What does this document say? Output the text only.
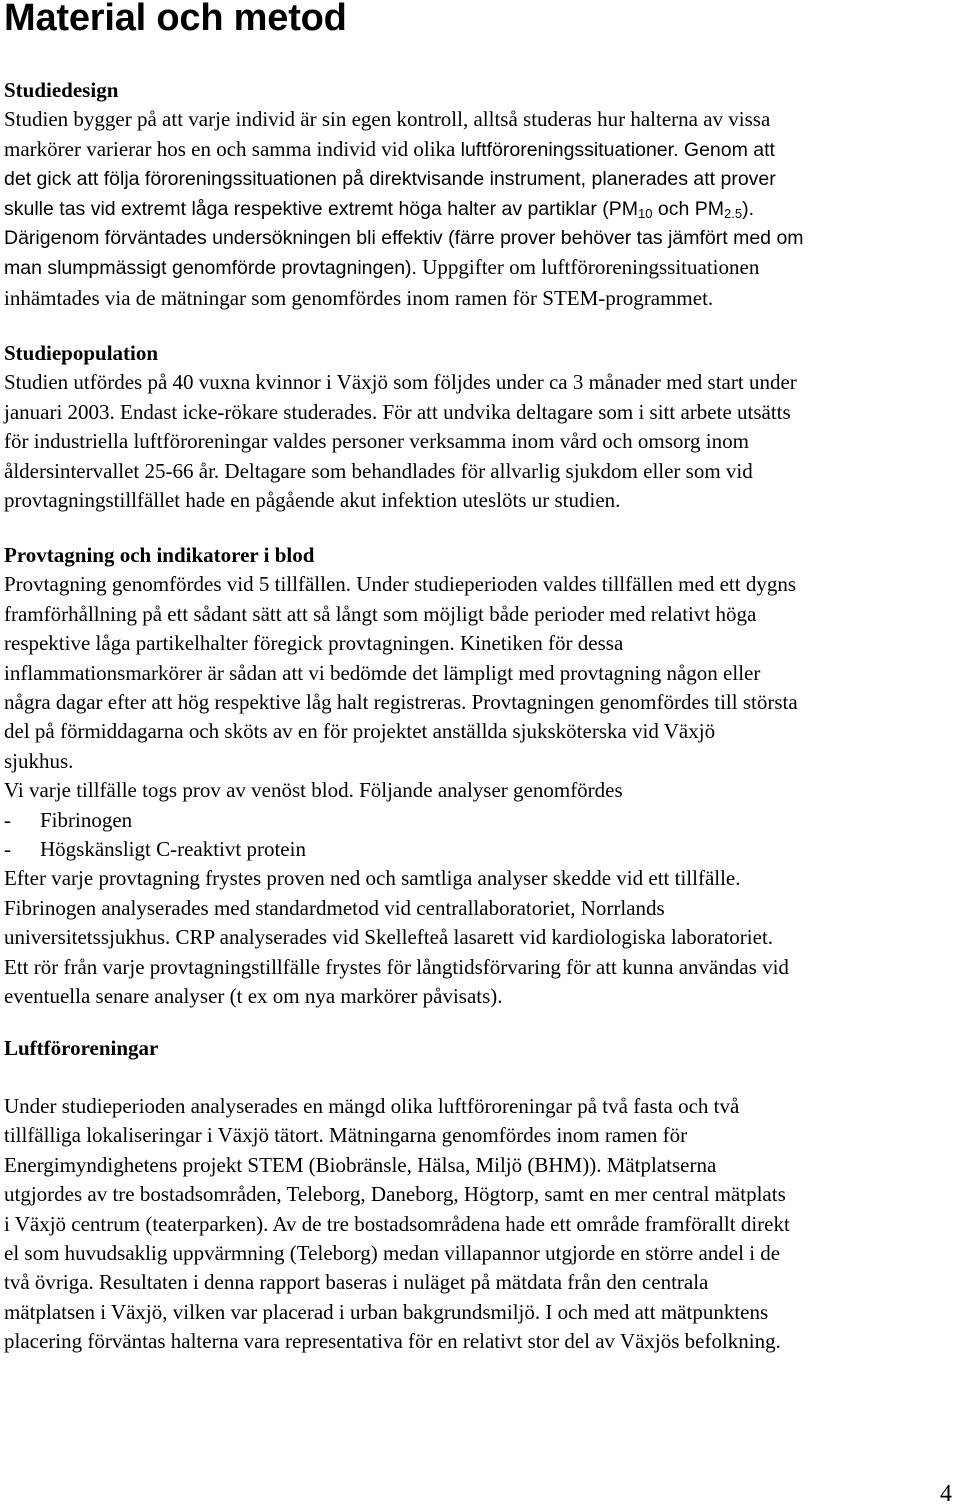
Material och metod
Studiedesign

Studien bygger på att varje individ är sin egen kontroll, alltså studeras hur halterna av vissa
markörer varierar hos en och samma individ vid olika luftföroreningssituationer. Genom att
det gick att följa föroreningssituationen på direktvisande instrument, planerades att prover
skulle tas vid extremt låga respektive extremt höga halter av partiklar ($PM_{10}$ och $PM_{2.5}$).
Därigenom förväntades undersökningen bli effektiv (färre prover behöver tas jämfört med om
man slumpmässigt genomförde provtagningen). Uppgifter om luftföroreningssituationen
inhämtades via de mätningar som genomfördes inom ramen för STEM-programmet.

Studiepopulation

Studien utfördes på 40 vuxna kvinnor i Växjö som följdes under ca 3 månader med start under
januari 2003. Endast icke-rökare studerades. För att undvika deltagare som i sitt arbete utsätts
för industriella luftföroreningar valdes personer verksamma inom vård och omsorg inom
åldersintervallet 25-66 år. Deltagare som behandlades för allvarlig sjukdom eller som vid
provtagningstillfället hade en pågående akut infektion uteslöts ur studien.

Provtagning och indikatorer i blod

Provtagning genomfördes vid 5 tillfällen. Under studieperioden valdes tillfällen med ett dygns
framförhållning på ett sådant sätt att så långt som möjligt både perioder med relativt höga
respektive låga partikelhalter föregick provtagningen. Kinetiken för dessa
inflammationsmarkörer är sådan att vi bedömde det lämpligt med provtagning någon eller
några dagar efter att hög respektive låg halt registreras. Provtagningen genomfördes till största
del på förmiddagarna och sköts av en för projektet anställda sjuksköterska vid Växjö
sjukhus.
Vi varje tillfälle togs prov av venöst blod. Följande analyser genomfördes
- Fibrinogen
- Högskänsligt C-reaktivt protein
Efter varje provtagning frystes proven ned och samtliga analyser skedde vid ett tillfälle.
Fibrinogen analyserades med standardmetod vid centrallaboratoriet, Norrlands
universitetssjukhus. CRP analyserades vid Skellefteå lasarett vid kardiologiska laboratoriet.
Ett rör från varje provtagningstillfälle frystes för långtidsförvaring för att kunna användas vid
eventuella senare analyser (t ex om nya markörer påvisats).

Luftföroreningar

Under studieperioden analyserades en mängd olika luftföroreningar på två fasta och två
tillfälliga lokaliseringar i Växjö tätort. Mätningarna genomfördes inom ramen för
Energimyndighetens projekt STEM (Biobränsle, Hälsa, Miljö (BHM)). Mätplatserna
utgjordes av tre bostadsområden, Teleborg, Daneborg, Högtorp, samt en mer central mätplats
i Växjö centrum (teaterparken). Av de tre bostadsområdena hade ett område framförallt direkt
el som huvudsaklig uppvärmning (Teleborg) medan villapannor utgjorde en större andel i de
två övriga. Resultaten i denna rapport baseras i nuläget på mätdata från den centrala
mätplatsen i Växjö, vilken var placerad i urban bakgrundsmiljö. I och med att mätpunktens
placering förväntas halterna vara representativa för en relativt stor del av Växjös befolkning.

4
